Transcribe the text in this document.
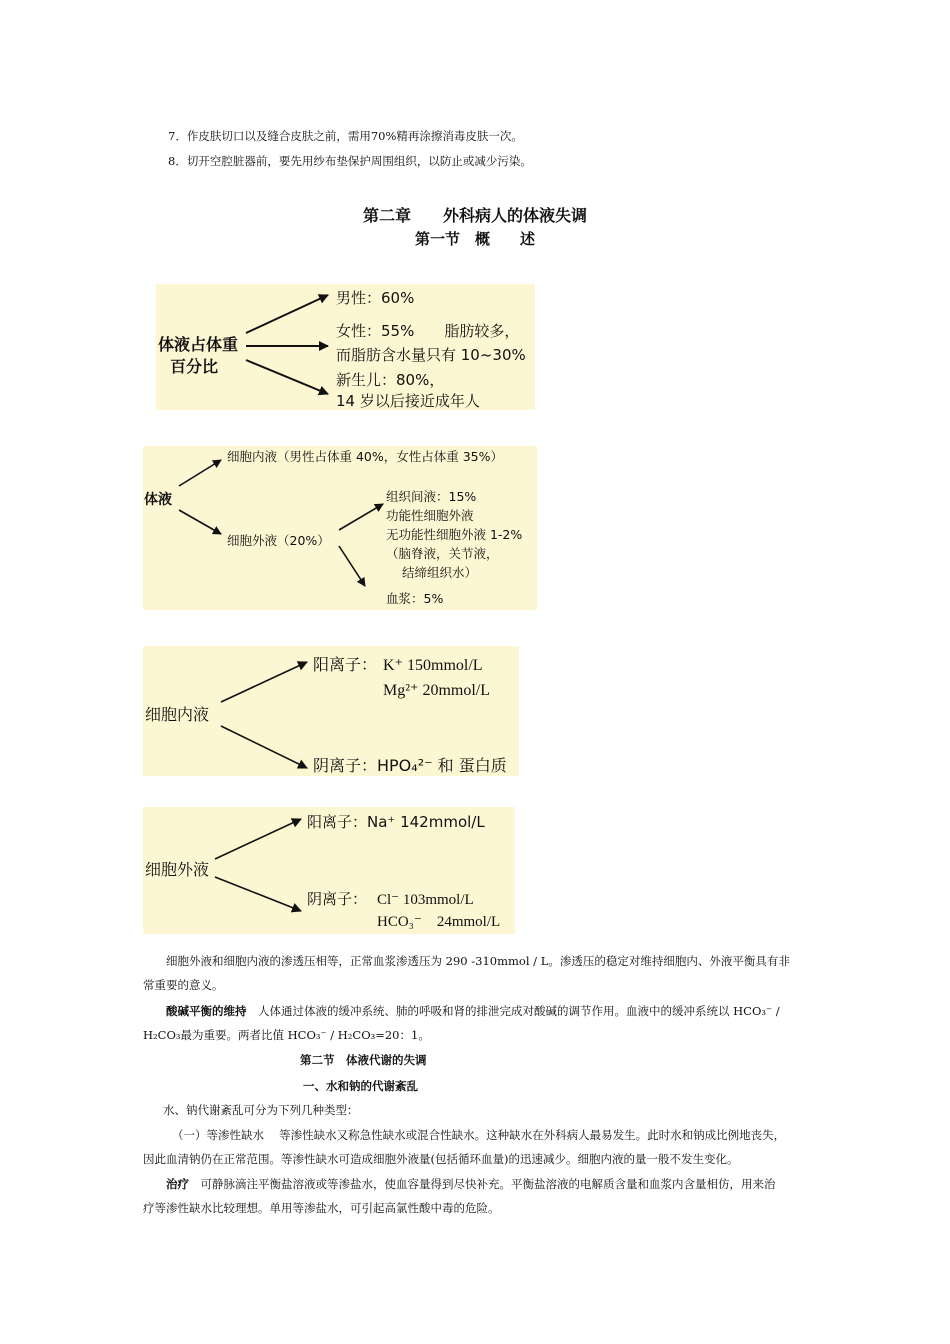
7．作皮肤切口以及缝合皮肤之前，需用70%精再涂擦消毒皮肤一次。
8．切开空腔脏器前，要先用纱布垫保护周围组织，以防止或减少污染。
第二章　　外科病人的体液失调
第一节　概　　述
体液占体重
百分比
男性：60%
女性：55%　　脂肪较多，
而脂肪含水量只有 10~30%
新生儿：80%，
14 岁以后接近成年人
体液
细胞内液（男性占体重 40%，女性占体重 35%）
细胞外液（20%）
组织间液：15%
功能性细胞外液
无功能性细胞外液 1-2%
（脑脊液，关节液，
结缔组织水）
血浆：5%
细胞内液
阳离子： K⁺ 150mmol/L
Mg²⁺ 20mmol/L
阴离子：HPO₄²⁻ 和 蛋白质
细胞外液
阳离子：Na⁺ 142mmol/L
阴离子： Cl⁻ 103mmol/L
HCO₃⁻　24mmol/L
细胞外液和细胞内液的渗透压相等，正常血浆渗透压为 290 -310mmol / L。渗透压的稳定对维持细胞内、外液平衡具有非
常重要的意义。
酸碱平衡的维持　人体通过体液的缓冲系统、肺的呼吸和肾的排泄完成对酸碱的调节作用。血液中的缓冲系统以 HCO₃⁻ /
H₂CO₃最为重要。两者比值 HCO₃⁻ / H₂CO₃=20：1。
第二节　体液代谢的失调
一、水和钠的代谢紊乱
水、钠代谢紊乱可分为下列几种类型：
（一）等渗性缺水　 等渗性缺水又称急性缺水或混合性缺水。这种缺水在外科病人最易发生。此时水和钠成比例地丧失，
因此血清钠仍在正常范围。等渗性缺水可造成细胞外液量(包括循环血量)的迅速减少。细胞内液的量一般不发生变化。
治疗　可静脉滴注平衡盐溶液或等渗盐水，使血容量得到尽快补充。平衡盐溶液的电解质含量和血浆内含量相仿，用来治
疗等渗性缺水比较理想。单用等渗盐水，可引起高氯性酸中毒的危险。
